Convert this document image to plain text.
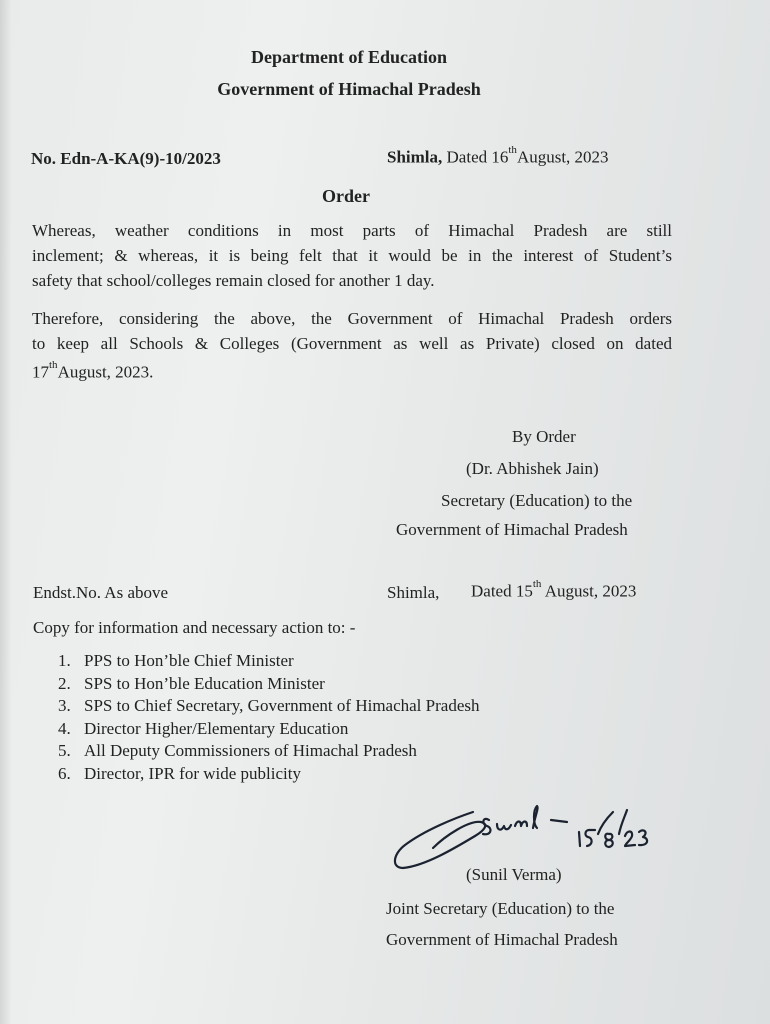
Department of Education
Government of Himachal Pradesh
No. Edn-A-KA(9)-10/2023	Shimla, Dated 16thAugust, 2023
Order
Whereas, weather conditions in most parts of Himachal Pradesh are still
inclement; & whereas, it is being felt that it would be in the interest of Student’s
safety that school/colleges remain closed for another 1 day.
Therefore, considering the above, the Government of Himachal Pradesh orders
to keep all Schools & Colleges (Government as well as Private) closed on dated
17thAugust, 2023.
By Order
(Dr. Abhishek Jain)
Secretary (Education) to the
Government of Himachal Pradesh
Endst.No. As above	Shimla, Dated 15th August, 2023
Copy for information and necessary action to: -
1. PPS to Hon’ble Chief Minister
2. SPS to Hon’ble Education Minister
3. SPS to Chief Secretary, Government of Himachal Pradesh
4. Director Higher/Elementary Education
5. All Deputy Commissioners of Himachal Pradesh
6. Director, IPR for wide publicity
(Sunil Verma)
Joint Secretary (Education) to the
Government of Himachal Pradesh
